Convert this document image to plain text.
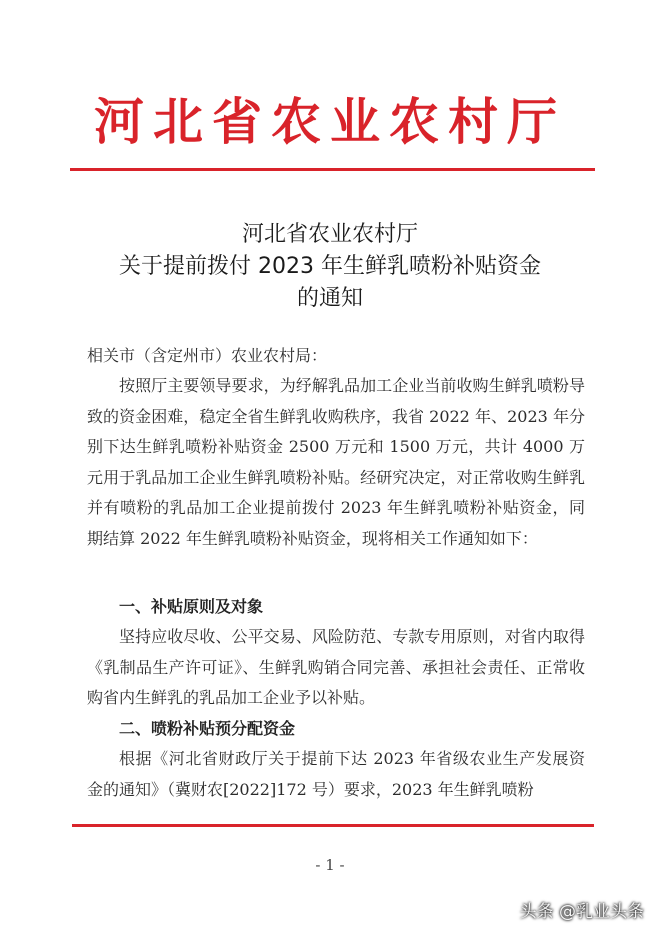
河北省农业农村厅
河北省农业农村厅
关于提前拨付 2023 年生鲜乳喷粉补贴资金
的通知
相关市（含定州市）农业农村局：
按照厅主要领导要求，为纾解乳品加工企业当前收购生鲜乳喷粉导致的资金困难，稳定全省生鲜乳收购秩序，我省 2022 年、2023 年分别下达生鲜乳喷粉补贴资金 2500 万元和 1500 万元，共计 4000 万元用于乳品加工企业生鲜乳喷粉补贴。经研究决定，对正常收购生鲜乳并有喷粉的乳品加工企业提前拨付 2023 年生鲜乳喷粉补贴资金，同期结算 2022 年生鲜乳喷粉补贴资金，现将相关工作通知如下：
一、补贴原则及对象
坚持应收尽收、公平交易、风险防范、专款专用原则，对省内取得《乳制品生产许可证》、生鲜乳购销合同完善、承担社会责任、正常收购省内生鲜乳的乳品加工企业予以补贴。
二、喷粉补贴预分配资金
根据《河北省财政厅关于提前下达 2023 年省级农业生产发展资金的通知》（冀财农[2022]172 号）要求，2023 年生鲜乳喷粉
- 1 -
头条 @乳业头条
